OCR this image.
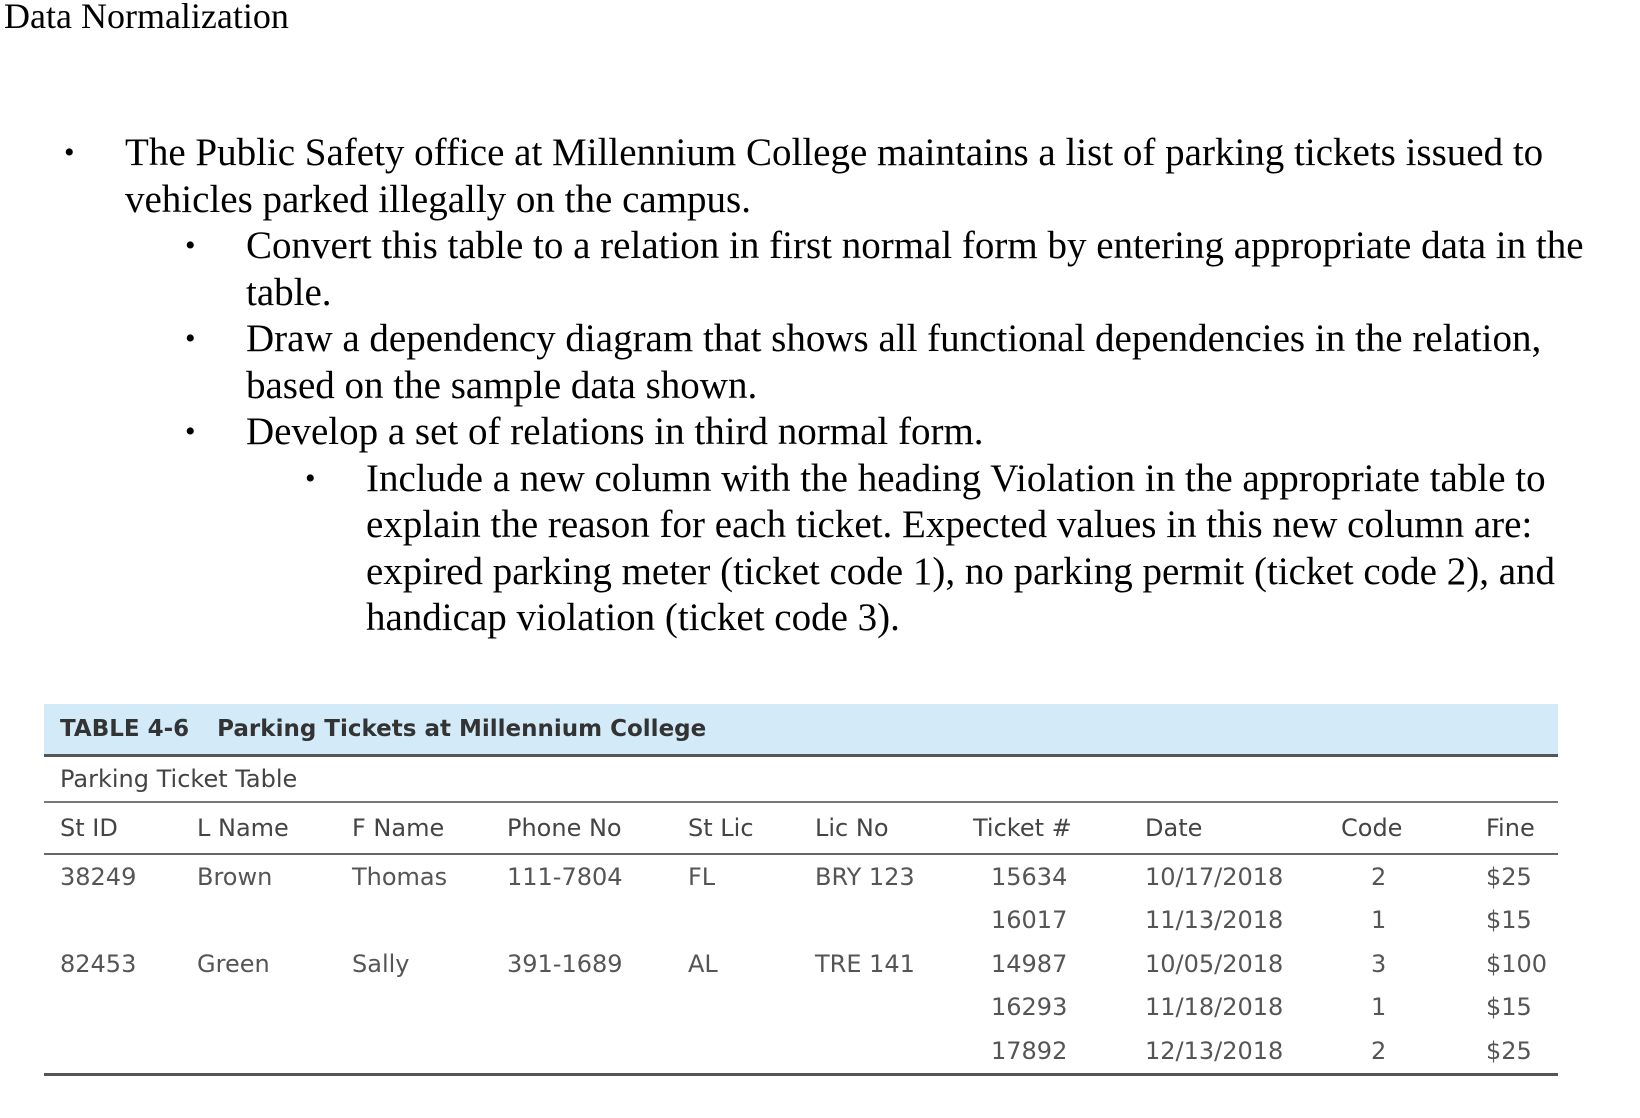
Data Normalization
• The Public Safety office at Millennium College maintains a list of parking tickets issued to vehicles parked illegally on the campus.
• Convert this table to a relation in first normal form by entering appropriate data in the table.
• Draw a dependency diagram that shows all functional dependencies in the relation, based on the sample data shown.
• Develop a set of relations in third normal form.
• Include a new column with the heading Violation in the appropriate table to explain the reason for each ticket. Expected values in this new column are: expired parking meter (ticket code 1), no parking permit (ticket code 2), and handicap violation (ticket code 3).
TABLE 4-6 Parking Tickets at Millennium College
Parking Ticket Table
St ID	L Name	F Name	Phone No	St Lic	Lic No	Ticket #	Date	Code	Fine
38249	Brown	Thomas	111-7804	FL	BRY 123	15634	10/17/2018	2	$25
						16017	11/13/2018	1	$15
82453	Green	Sally	391-1689	AL	TRE 141	14987	10/05/2018	3	$100
						16293	11/18/2018	1	$15
						17892	12/13/2018	2	$25
